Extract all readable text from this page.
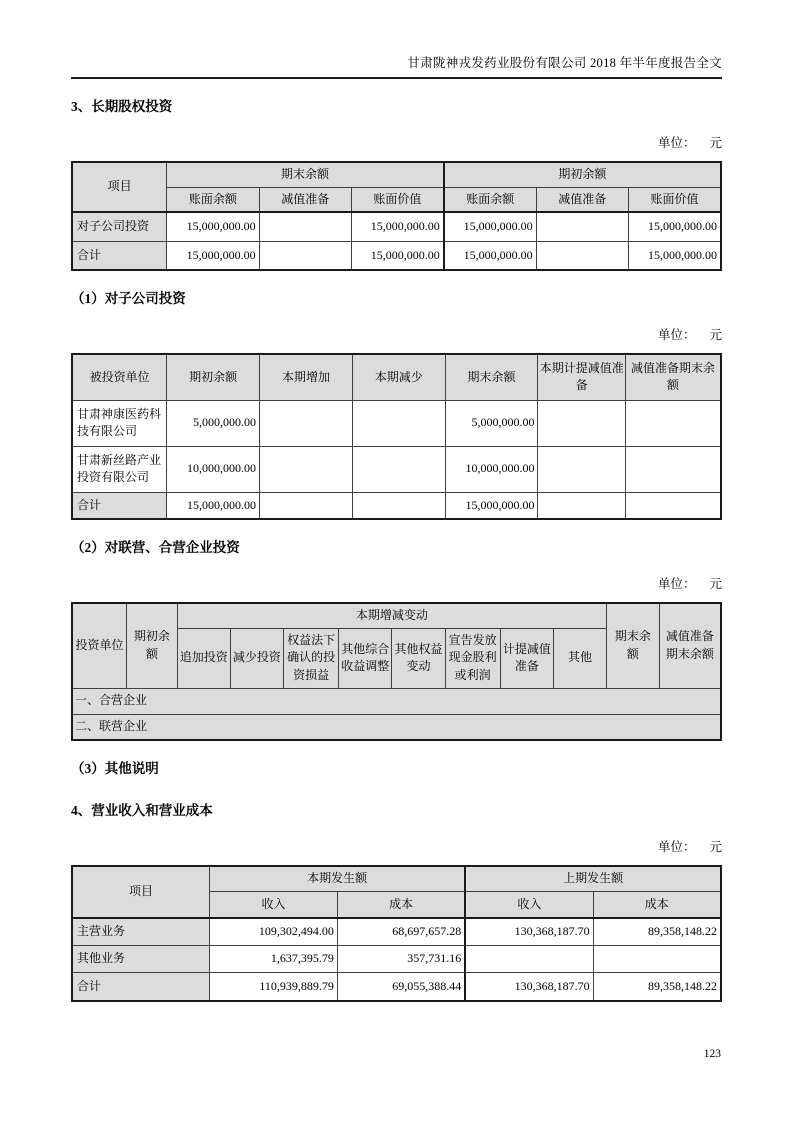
甘肃陇神戎发药业股份有限公司 2018 年半年度报告全文
3、长期股权投资
单位： 元
项目	期末余额			期初余额		
	账面余额	减值准备	账面价值	账面余额	减值准备	账面价值
对子公司投资	15,000,000.00		15,000,000.00	15,000,000.00		15,000,000.00
合计	15,000,000.00		15,000,000.00	15,000,000.00		15,000,000.00
（1）对子公司投资
单位： 元
被投资单位	期初余额	本期增加	本期减少	期末余额	本期计提减值准备	减值准备期末余额
甘肃神康医药科技有限公司	5,000,000.00			5,000,000.00		
甘肃新丝路产业投资有限公司	10,000,000.00			10,000,000.00		
合计	15,000,000.00			15,000,000.00		
（2）对联营、合营企业投资
单位： 元
投资单位	期初余额	本期增减变动								期末余额	减值准备期末余额
		追加投资	减少投资	权益法下确认的投资损益	其他综合收益调整	其他权益变动	宣告发放现金股利或利润	计提减值准备	其他		
一、合营企业											
二、联营企业											
（3）其他说明
4、营业收入和营业成本
单位： 元
项目	本期发生额		上期发生额	
	收入	成本	收入	成本
主营业务	109,302,494.00	68,697,657.28	130,368,187.70	89,358,148.22
其他业务	1,637,395.79	357,731.16		
合计	110,939,889.79	69,055,388.44	130,368,187.70	89,358,148.22
123
